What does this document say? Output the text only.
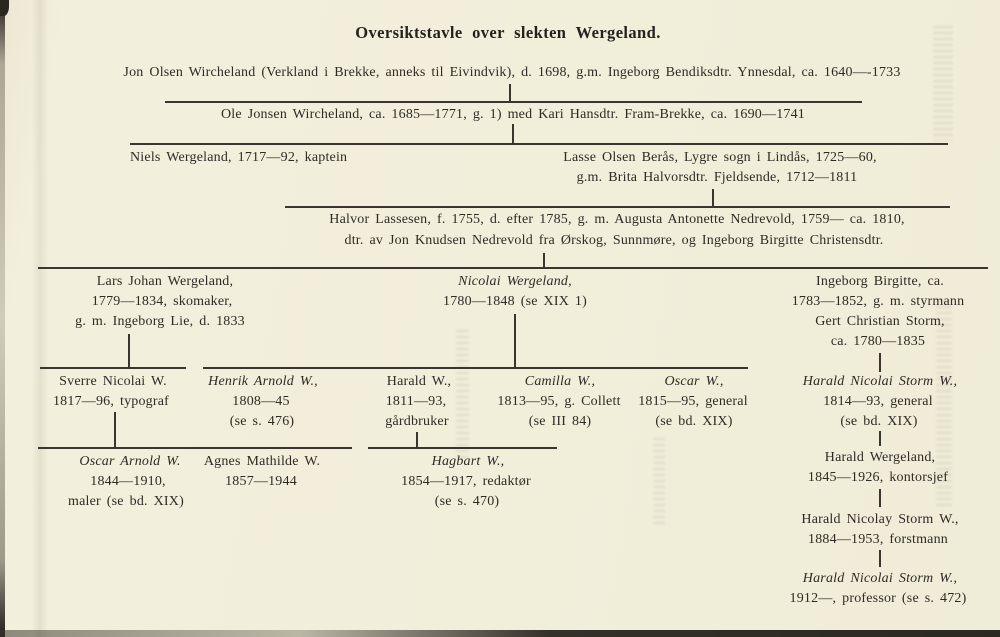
Oversiktstavle over slekten Wergeland.
Jon Olsen Wircheland (Verkland i Brekke, anneks til Eivindvik), d. 1698, g.m. Ingeborg Bendiksdtr. Ynnesdal, ca. 1640—-1733
Ole Jonsen Wircheland, ca. 1685—1771, g. 1) med Kari Hansdtr. Fram-Brekke, ca. 1690—1741
Niels Wergeland, 1717—92, kaptein	Lasse Olsen Berås, Lygre sogn i Lindås, 1725—60,
g.m. Brita Halvorsdtr. Fjeldsende, 1712—1811
Halvor Lassesen, f. 1755, d. efter 1785, g. m. Augusta Antonette Nedrevold, 1759— ca. 1810,
dtr. av Jon Knudsen Nedrevold fra Ørskog, Sunnmøre, og Ingeborg Birgitte Christensdtr.
Lars Johan Wergeland,
1779—1834, skomaker,
g. m. Ingeborg Lie, d. 1833
Nicolai Wergeland,
1780—1848 (se XIX 1)
Ingeborg Birgitte, ca.
1783—1852, g. m. styrmann
Gert Christian Storm,
ca. 1780—1835
Sverre Nicolai W.
1817—96, typograf
Henrik Arnold W.,
1808—45
(se s. 476)
Harald W.,
1811—93,
gårdbruker
Camilla W.,
1813—95, g. Collett
(se III 84)
Oscar W.,
1815—95, general
(se bd. XIX)
Harald Nicolai Storm W.,
1814—93, general
(se bd. XIX)
Oscar Arnold W.
1844—1910,
maler (se bd. XIX)
Agnes Mathilde W.
1857—1944
Hagbart W.,
1854—1917, redaktør
(se s. 470)
Harald Wergeland,
1845—1926, kontorsjef
Harald Nicolay Storm W.,
1884—1953, forstmann
Harald Nicolai Storm W.,
1912—, professor (se s. 472)
